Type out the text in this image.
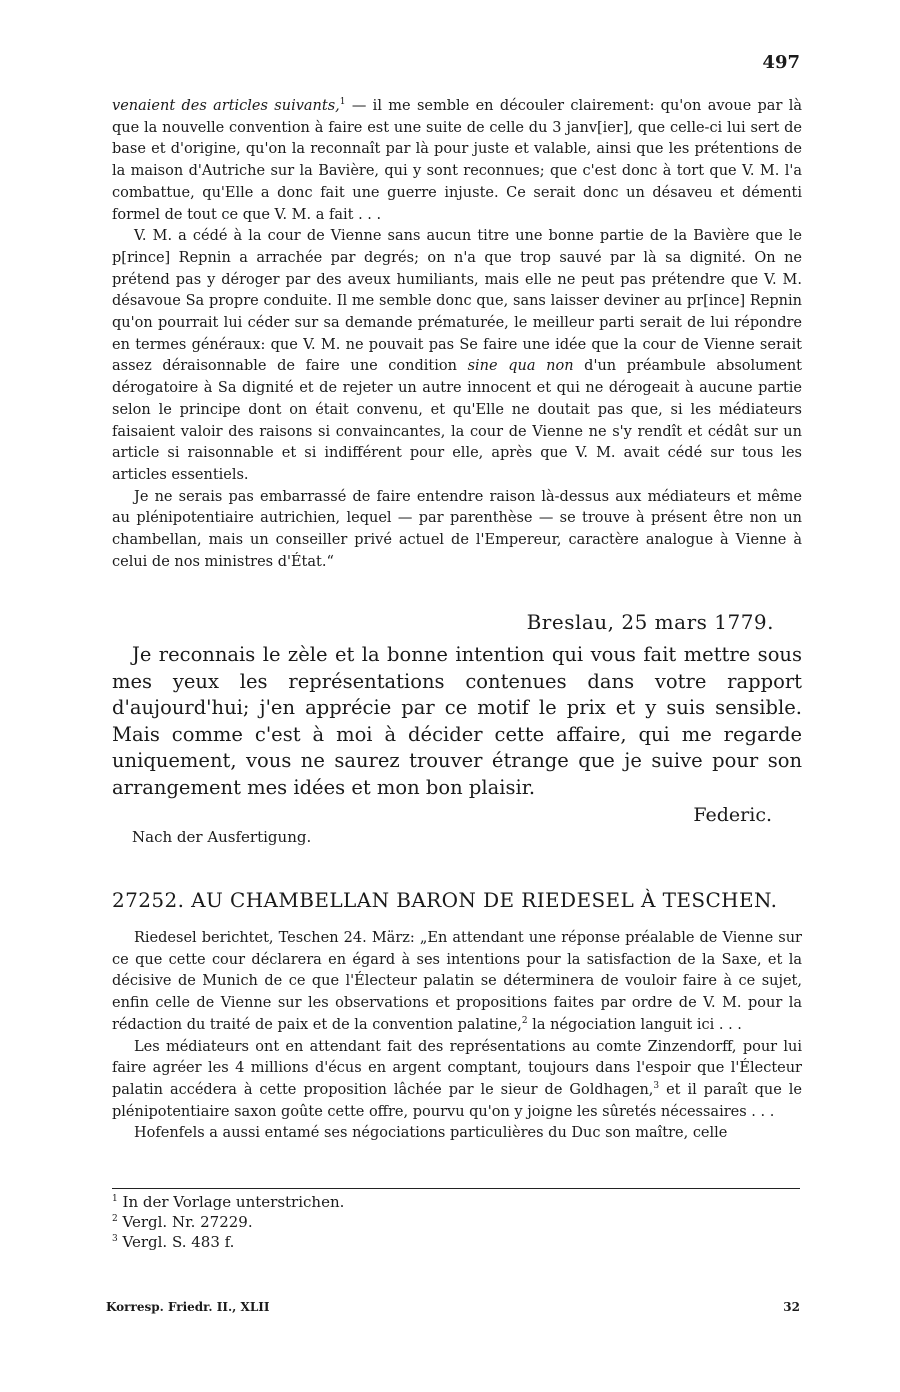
497

venaient des articles suivants,$^1$ — il me semble en découler clairement: qu'on avoue par là que la nouvelle convention à faire est une suite de celle du 3 janv[ier], que celle-ci lui sert de base et d'origine, qu'on la reconnaît par là pour juste et valable, ainsi que les prétentions de la maison d'Autriche sur la Bavière, qui y sont reconnues; que c'est donc à tort que V. M. l'a combattue, qu'Elle a donc fait une guerre injuste. Ce serait donc un désaveu et démenti formel de tout ce que V. M. a fait . . .

V. M. a cédé à la cour de Vienne sans aucun titre une bonne partie de la Bavière que le p[rince] Repnin a arrachée par degrés; on n'a que trop sauvé par là sa dignité. On ne prétend pas y déroger par des aveux humiliants, mais elle ne peut pas prétendre que V. M. désavoue Sa propre conduite. Il me semble donc que, sans laisser deviner au pr[ince] Repnin qu'on pourrait lui céder sur sa demande prématurée, le meilleur parti serait de lui répondre en termes généraux: que V. M. ne pouvait pas Se faire une idée que la cour de Vienne serait assez déraisonnable de faire une condition sine qua non d'un préambule absolument dérogatoire à Sa dignité et de rejeter un autre innocent et qui ne dérogeait à aucune partie selon le principe dont on était convenu, et qu'Elle ne doutait pas que, si les médiateurs faisaient valoir des raisons si convaincantes, la cour de Vienne ne s'y rendît et cédât sur un article si raisonnable et si indifférent pour elle, après que V. M. avait cédé sur tous les articles essentiels.

Je ne serais pas embarrassé de faire entendre raison là-dessus aux médiateurs et même au plénipotentiaire autrichien, lequel — par parenthèse — se trouve à présent être non un chambellan, mais un conseiller privé actuel de l'Empereur, caractère analogue à Vienne à celui de nos ministres d'État.“

Breslau, 25 mars 1779.

Je reconnais le zèle et la bonne intention qui vous fait mettre sous mes yeux les représentations contenues dans votre rapport d'aujourd'hui; j'en apprécie par ce motif le prix et y suis sensible. Mais comme c'est à moi à décider cette affaire, qui me regarde uniquement, vous ne saurez trouver étrange que je suive pour son arrangement mes idées et mon bon plaisir.

Federic.
Nach der Ausfertigung.
27252. AU CHAMBELLAN BARON DE RIEDESEL À TESCHEN.

Riedesel berichtet, Teschen 24. März: „En attendant une réponse préalable de Vienne sur ce que cette cour déclarera en égard à ses intentions pour la satisfaction de la Saxe, et la décisive de Munich de ce que l'Électeur palatin se déterminera de vouloir faire à ce sujet, enfin celle de Vienne sur les observations et propositions faites par ordre de V. M. pour la rédaction du traité de paix et de la convention palatine,$^2$ la négociation languit ici . . .

Les médiateurs ont en attendant fait des représentations au comte Zinzendorff, pour lui faire agréer les 4 millions d'écus en argent comptant, toujours dans l'espoir que l'Électeur palatin accédera à cette proposition lâchée par le sieur de Goldhagen,$^3$ et il paraît que le plénipotentiaire saxon goûte cette offre, pourvu qu'on y joigne les sûretés nécessaires . . .

Hofenfels a aussi entamé ses négociations particulières du Duc son maître, celle

$^1$ In der Vorlage unterstrichen.
$^2$ Vergl. Nr. 27229.
$^3$ Vergl. S. 483 f.
Korresp. Friedr. II., XLII	32
